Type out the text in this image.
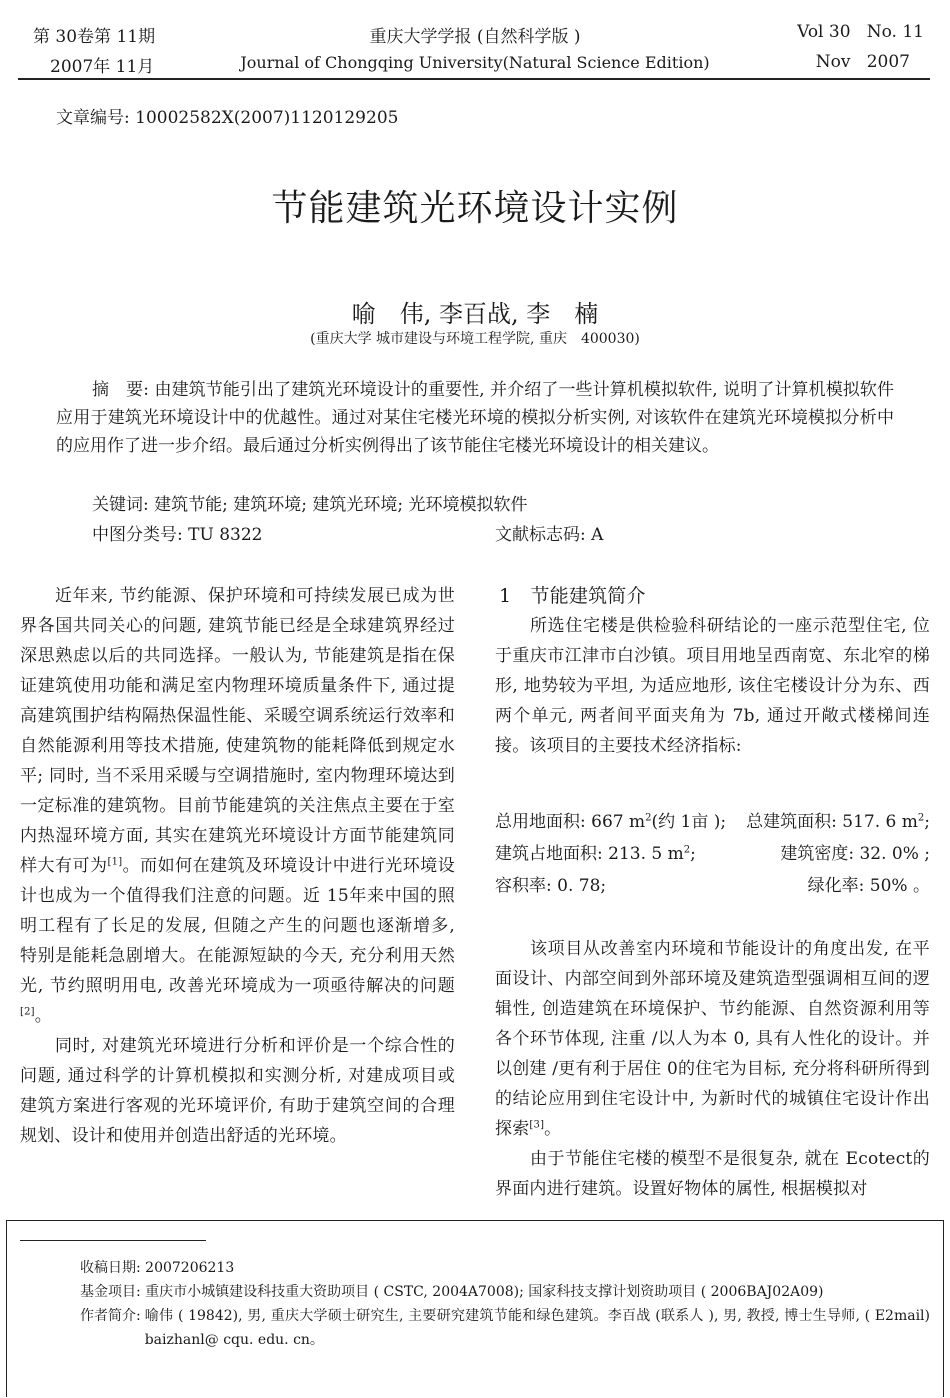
第 30卷第 11期
2007年 11月
重庆大学学报 (自然科学版 )
Journal of Chongqing University(Natural Science Edition)
Vol 30   No. 11
Nov   2007
文章编号: 10002582X(2007)1120129205
节能建筑光环境设计实例
喻　伟, 李百战, 李　楠
(重庆大学 城市建设与环境工程学院, 重庆　400030)

摘　要: 由建筑节能引出了建筑光环境设计的重要性, 并介绍了一些计算机模拟软件, 说明了计算机模拟软件应用于建筑光环境设计中的优越性。通过对某住宅楼光环境的模拟分析实例, 对该软件在建筑光环境模拟分析中的应用作了进一步介绍。最后通过分析实例得出了该节能住宅楼光环境设计的相关建议。

关键词: 建筑节能; 建筑环境; 建筑光环境; 光环境模拟软件
中图分类号: TU 8322	文献标志码: A

近年来, 节约能源、保护环境和可持续发展已成为世界各国共同关心的问题, 建筑节能已经是全球建筑界经过深思熟虑以后的共同选择。一般认为, 节能建筑是指在保证建筑使用功能和满足室内物理环境质量条件下, 通过提高建筑围护结构隔热保温性能、采暖空调系统运行效率和自然能源利用等技术措施, 使建筑物的能耗降低到规定水平; 同时, 当不采用采暖与空调措施时, 室内物理环境达到一定标准的建筑物。目前节能建筑的关注焦点主要在于室内热湿环境方面, 其实在建筑光环境设计方面节能建筑同样大有可为[1]。而如何在建筑及环境设计中进行光环境设计也成为一个值得我们注意的问题。近 15年来中国的照明工程有了长足的发展, 但随之产生的问题也逐渐增多, 特别是能耗急剧增大。在能源短缺的今天, 充分利用天然光, 节约照明用电, 改善光环境成为一项亟待解决的问题[2]。

同时, 对建筑光环境进行分析和评价是一个综合性的问题, 通过科学的计算机模拟和实测分析, 对建成项目或建筑方案进行客观的光环境评价, 有助于建筑空间的合理规划、设计和使用并创造出舒适的光环境。

1　节能建筑简介

所选住宅楼是供检验科研结论的一座示范型住宅, 位于重庆市江津市白沙镇。项目用地呈西南宽、东北窄的梯形, 地势较为平坦, 为适应地形, 该住宅楼设计分为东、西两个单元, 两者间平面夹角为 7b, 通过开敞式楼梯间连接。该项目的主要技术经济指标:

总用地面积: 667 $m^2$(约 1亩 ); 总建筑面积: 517. 6 $m^2$;
建筑占地面积: 213. 5 $m^2$;	建筑密度: 32. 0% ;
容积率: 0. 78;	绿化率: 50% 。

该项目从改善室内环境和节能设计的角度出发, 在平面设计、内部空间到外部环境及建筑造型强调相互间的逻辑性, 创造建筑在环境保护、节约能源、自然资源利用等各个环节体现, 注重 /以人为本 0, 具有人性化的设计。并以创建 /更有利于居住 0的住宅为目标, 充分将科研所得到的结论应用到住宅设计中, 为新时代的城镇住宅设计作出探索[3]。

由于节能住宅楼的模型不是很复杂, 就在 Ecotect的界面内进行建筑。设置好物体的属性, 根据模拟对

收稿日期: 2007206213
基金项目: 重庆市小城镇建设科技重大资助项目 ( CSTC, 2004A7008); 国家科技支撑计划资助项目 ( 2006BAJ02A09)
作者简介: 喻伟 ( 19842), 男, 重庆大学硕士研究生, 主要研究建筑节能和绿色建筑。李百战 (联系人 ), 男, 教授, 博士生导师, ( E2mail) baizhanl@ cqu. edu. cn。
